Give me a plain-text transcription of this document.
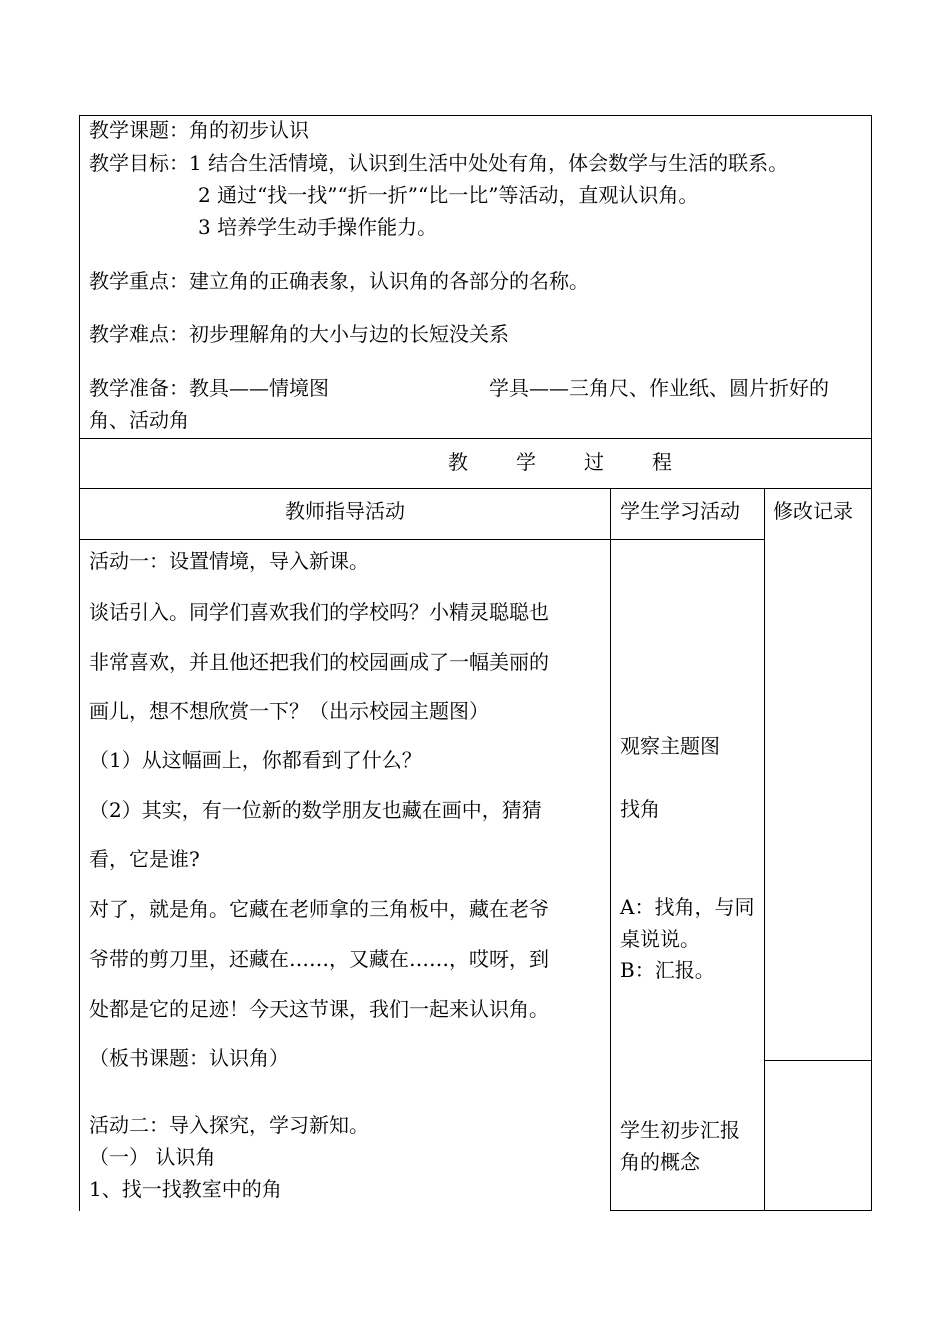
教学课题：角的初步认识
教学目标：1 结合生活情境，认识到生活中处处有角，体会数学与生活的联系。
2 通过“找一找”“折一折”“比一比”等活动，直观认识角。
3 培养学生动手操作能力。
教学重点：建立角的正确表象，认识角的各部分的名称。
教学难点：初步理解角的大小与边的长短没关系
教学准备：教具——情境图	学具——三角尺、作业纸、圆片折好的
角、活动角
教 学 过 程
教师指导活动	学生学习活动 修改记录
活动一：设置情境，导入新课。
谈话引入。同学们喜欢我们的学校吗？小精灵聪聪也
非常喜欢，并且他还把我们的校园画成了一幅美丽的
画儿，想不想欣赏一下？（出示校园主题图）
（1）从这幅画上，你都看到了什么？
（2）其实，有一位新的数学朋友也藏在画中，猜猜
看，它是谁?
对了，就是角。它藏在老师拿的三角板中，藏在老爷
爷带的剪刀里，还藏在……，又藏在……，哎呀，到
处都是它的足迹！今天这节课，我们一起来认识角。
（板书课题：认识角）
活动二：导入探究，学习新知。
（一） 认识角
1、找一找教室中的角
观察主题图
找角
A：找角，与同
桌说说。
B：汇报。
学生初步汇报
角的概念
